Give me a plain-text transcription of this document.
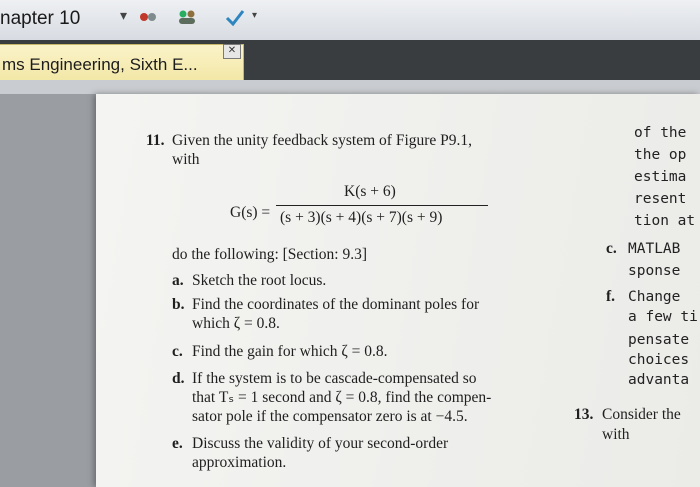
napter 10	▾	▾
ms Engineering, Sixth E...
✕
11. Given the unity feedback system of Figure P9.1,
with
G(s) =
K(s + 6)
(s + 3)(s + 4)(s + 7)(s + 9)
do the following: [Section: 9.3]
a. Sketch the root locus.
b. Find the coordinates of the dominant poles for
which ζ = 0.8.
c. Find the gain for which ζ = 0.8.
d. If the system is to be cascade-compensated so
that Tₛ = 1 second and ζ = 0.8, find the compen-
sator pole if the compensator zero is at −4.5.
e. Discuss the validity of your second-order
approximation.
of the
the op
estima
resent
tion at
c. MATLAB
sponse
f. Change
a few ti
pensate
choices
advanta
13. Consider the
with
